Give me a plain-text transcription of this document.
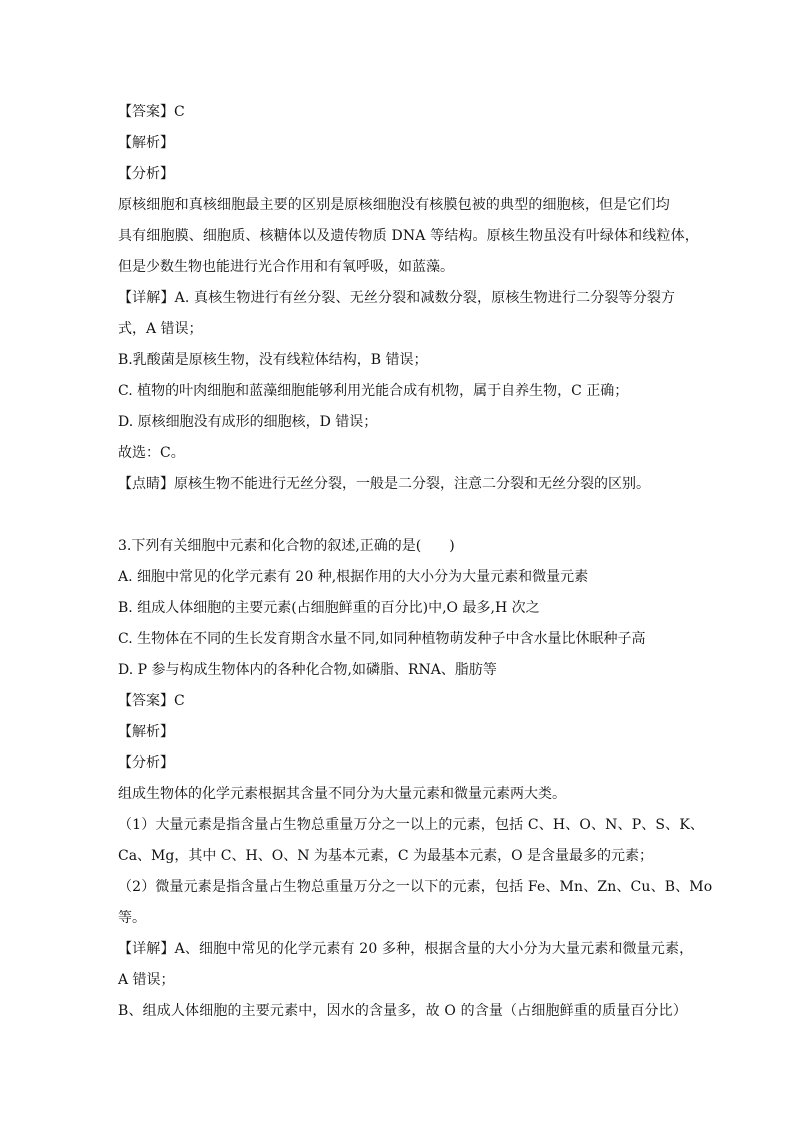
【答案】C
【解析】
【分析】
原核细胞和真核细胞最主要的区别是原核细胞没有核膜包被的典型的细胞核，但是它们均
具有细胞膜、细胞质、核糖体以及遗传物质 DNA 等结构。原核生物虽没有叶绿体和线粒体，
但是少数生物也能进行光合作用和有氧呼吸，如蓝藻。
【详解】A. 真核生物进行有丝分裂、无丝分裂和减数分裂，原核生物进行二分裂等分裂方
式，A 错误；
B.乳酸菌是原核生物，没有线粒体结构，B 错误；
C. 植物的叶肉细胞和蓝藻细胞能够利用光能合成有机物，属于自养生物，C 正确；
D. 原核细胞没有成形的细胞核，D 错误；
故选：C。
【点睛】原核生物不能进行无丝分裂，一般是二分裂，注意二分裂和无丝分裂的区别。
3.下列有关细胞中元素和化合物的叙述,正确的是(　　)
A. 细胞中常见的化学元素有 20 种,根据作用的大小分为大量元素和微量元素
B. 组成人体细胞的主要元素(占细胞鲜重的百分比)中,O 最多,H 次之
C. 生物体在不同的生长发育期含水量不同,如同种植物萌发种子中含水量比休眠种子高
D. P 参与构成生物体内的各种化合物,如磷脂、RNA、脂肪等
【答案】C
【解析】
【分析】
组成生物体的化学元素根据其含量不同分为大量元素和微量元素两大类。
（1）大量元素是指含量占生物总重量万分之一以上的元素，包括 C、H、O、N、P、S、K、
Ca、Mg，其中 C、H、O、N 为基本元素，C 为最基本元素，O 是含量最多的元素；
（2）微量元素是指含量占生物总重量万分之一以下的元素，包括 Fe、Mn、Zn、Cu、B、Mo
等。
【详解】A、细胞中常见的化学元素有 20 多种，根据含量的大小分为大量元素和微量元素，
A 错误；
B、组成人体细胞的主要元素中，因水的含量多，故 O 的含量（占细胞鲜重的质量百分比）
